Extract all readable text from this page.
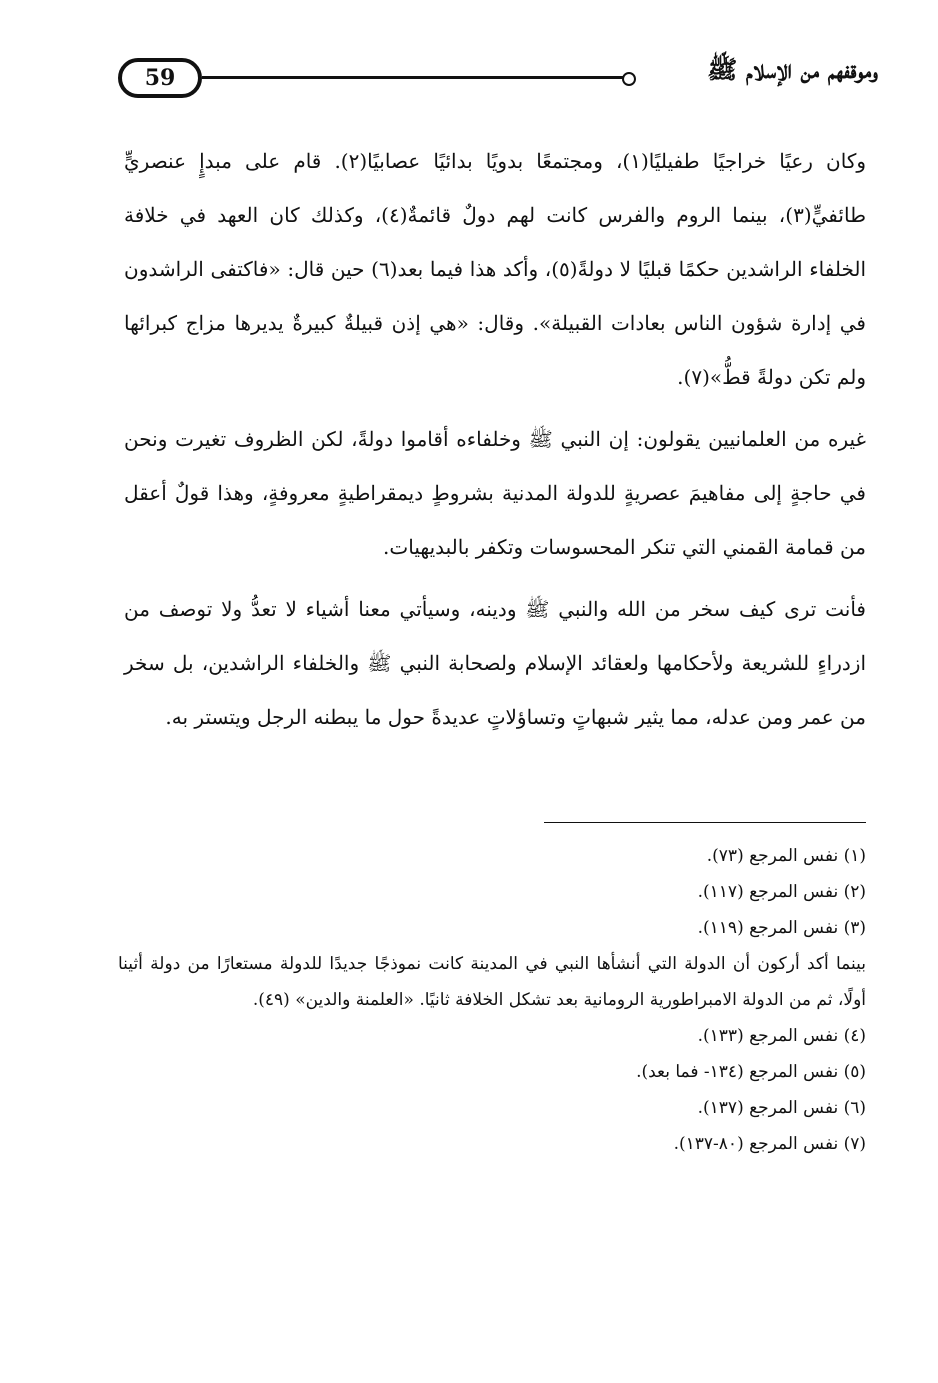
59	وموقفهم من الإسلام ﷺ

وكان رعيًا خراجيًا طفيليًا(١)، ومجتمعًا بدويًا بدائيًا عصابيًا(٢). قام على مبدإٍ عنصريٍّ طائفيٍّ(٣)، بينما الروم والفرس كانت لهم دولٌ قائمةٌ(٤)، وكذلك كان العهد في خلافة الخلفاء الراشدين حكمًا قبليًا لا دولةً(٥)، وأكد هذا فيما بعد(٦) حين قال: «فاكتفى الراشدون في إدارة شؤون الناس بعادات القبيلة». وقال: «هي إذن قبيلةٌ كبيرةٌ يديرها مزاج كبرائها ولم تكن دولةً قطُّ»(٧).

غيره من العلمانيين يقولون: إن النبي ﷺ وخلفاءه أقاموا دولةً، لكن الظروف تغيرت ونحن في حاجةٍ إلى مفاهيمَ عصريةٍ للدولة المدنية بشروطٍ ديمقراطيةٍ معروفةٍ، وهذا قولٌ أعقل من قمامة القمني التي تنكر المحسوسات وتكفر بالبديهيات.

فأنت ترى كيف سخر من الله والنبي ﷺ ودينه، وسيأتي معنا أشياء لا تعدُّ ولا توصف من ازدراءٍ للشريعة ولأحكامها ولعقائد الإسلام ولصحابة النبي ﷺ والخلفاء الراشدين، بل سخر من عمر ومن عدله، مما يثير شبهاتٍ وتساؤلاتٍ عديدةً حول ما يبطنه الرجل ويتستر به.

(١) نفس المرجع (٧٣).

(٢) نفس المرجع (١١٧).

(٣) نفس المرجع (١١٩).

بينما أكد أركون أن الدولة التي أنشأها النبي في المدينة كانت نموذجًا جديدًا للدولة مستعارًا من دولة أثينا أولًا، ثم من الدولة الامبراطورية الرومانية بعد تشكل الخلافة ثانيًا. «العلمنة والدين» (٤٩).

(٤) نفس المرجع (١٣٣).

(٥) نفس المرجع (١٣٤- فما بعد).

(٦) نفس المرجع (١٣٧).

(٧) نفس المرجع (٨٠-١٣٧).
